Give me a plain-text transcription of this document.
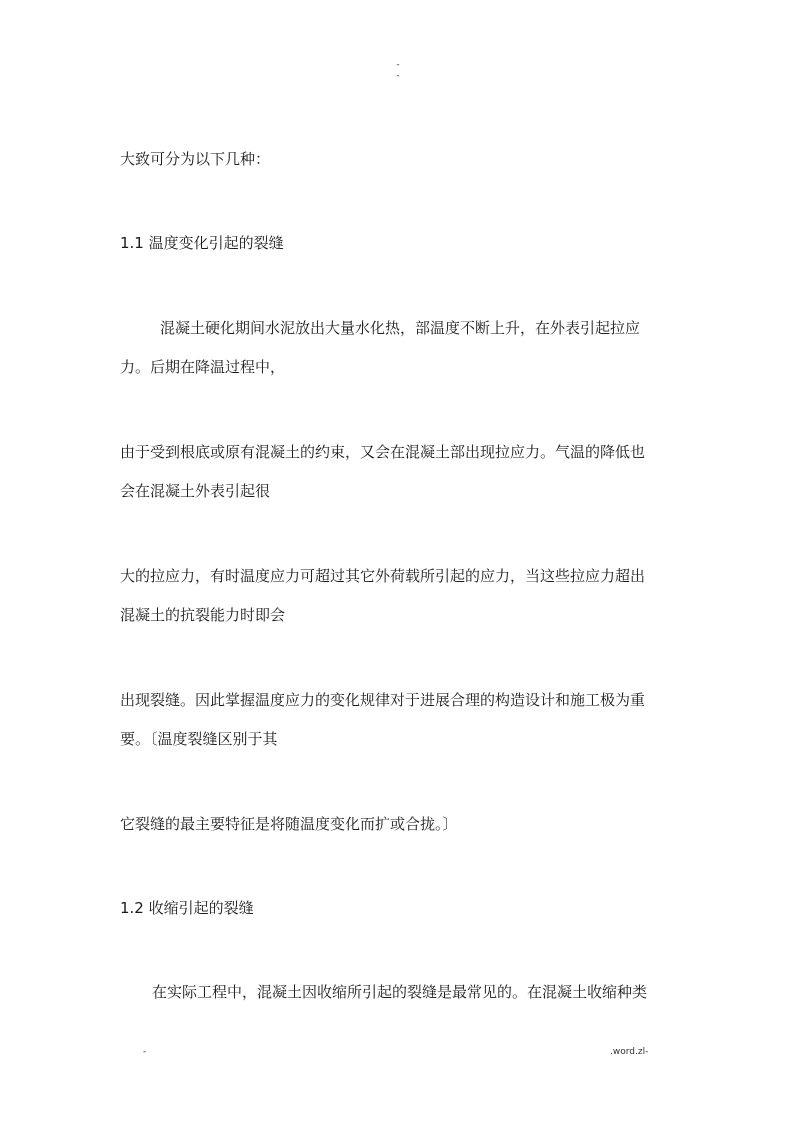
-
-
大致可分为以下几种：
1.1 温度变化引起的裂缝
混凝土硬化期间水泥放出大量水化热，部温度不断上升，在外表引起拉应
力。后期在降温过程中，
由于受到根底或原有混凝土的约束，又会在混凝土部出现拉应力。气温的降低也
会在混凝土外表引起很
大的拉应力，有时温度应力可超过其它外荷载所引起的应力，当这些拉应力超出
混凝土的抗裂能力时即会
出现裂缝。因此掌握温度应力的变化规律对于进展合理的构造设计和施工极为重
要。〔温度裂缝区别于其
它裂缝的最主要特征是将随温度变化而扩或合拢。〕
1.2 收缩引起的裂缝
在实际工程中，混凝土因收缩所引起的裂缝是最常见的。在混凝土收缩种类
-	.word.zl-
